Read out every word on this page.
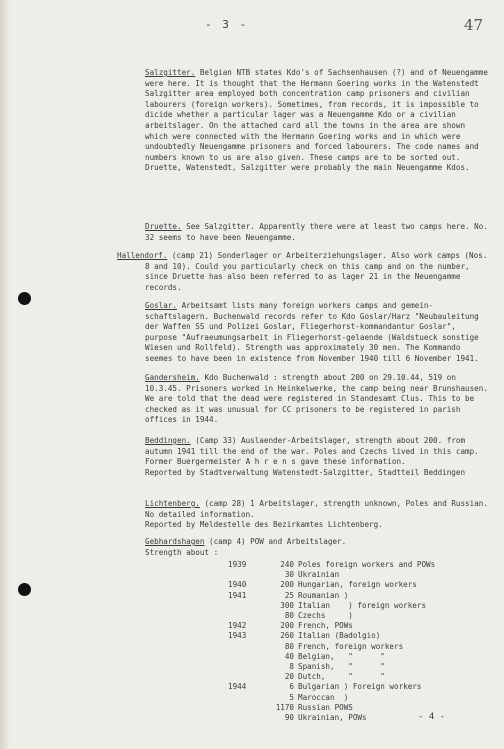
- 3 -	47

Salzgitter. Belgian NTB states Kdo's of Sachsenhausen (?) and of Neuengamme were here. It is thought that the Hermann Goering works in the Watenstedt Salzgitter area employed both concentration camp prisoners and civilian labourers (foreign workers). Sometimes, from records, it is impossible to dicide whether a particular lager was a Neuengamme Kdo or a civilian arbeitslager. On the attached card all the towns in the area are shown which were connected with the Hermann Goering works and in which were undoubtedly Neuengamme prisoners and forced labourers. The code names and numbers known to us are also given. These camps are to be sorted out. Druette, Watenstedt, Salzgitter were probably the main Neuengamme Kdos.

Druette. See Salzgitter. Apparently there were at least two camps here. No. 32 seems to have been Neuengamme.

Hallendorf. (camp 21) Sonderlager or Arbeiterziehungslager. Also work camps (Nos. 8 and 10). Could you particularly check on this camp and on the number, since Druette has also been referred to as lager 21 in the Neuengamme records.

Goslar. Arbeitsamt lists many foreign workers camps and gemein-schaftslagern. Buchenwald records refer to Kdo Goslar/Harz "Neubauleitung der Waffen SS und Polizei Goslar, Fliegerhorst-kommandantur Goslar", purpose "Aufraeumungsarbeit in Fliegerhorst-gelaende (Waldstueck sonstige Wiesen und Rollfeld). Strength was approximately 30 men. The Kommando seemes to have been in existence from November 1940 till 6 November 1941.

Gandersheim. Kdo Buchenwald : strength about 200 on 29.10.44, 519 on 10.3.45. Prisoners worked in Heinkelwerke, the camp being near Brunshausen. We are told that the dead were registered in Standesamt Clus. This to be checked as it was unusual for CC prisoners to be registered in parish offices in 1944.

Beddingen. (Camp 33) Auslaender-Arbeitslager, strength about 200. from autumn 1941 till the end of the war. Poles and Czechs lived in this camp. Former Buergermeister A h r e n s gave these information.

Reported by Stadtverwaltung Watenstedt-Salzgitter, Stadtteil Beddingen

Lichtenberg. (camp 28) 1 Arbeitslager, strength unknown, Poles and Russian. No detailed information.

Reported by Meldestelle des Bezirkamtes Lichtenberg.

Gebhardshagen (camp 4) POW and Arbeitslager.

Strength about :

1939	240	Poles foreign workers and POWs
	30	Ukrainian
1940	200	Hungarian, foreign workers
1941	25	Roumanian )
	300	Italian    ) foreign workers
	80	Czechs     )
1942	200	French, POWs
1943	260	Italian (Badolgio)
	80	French, foreign workers
	40	Belgian,   "      "
	8	Spanish,   "      "
	20	Dutch,     "      "
1944	6	Bulgarian ) Foreign workers
	5	Maroccan  )
	1170	Russian POWS
	90	Ukrainian, POWs	- 4 -
